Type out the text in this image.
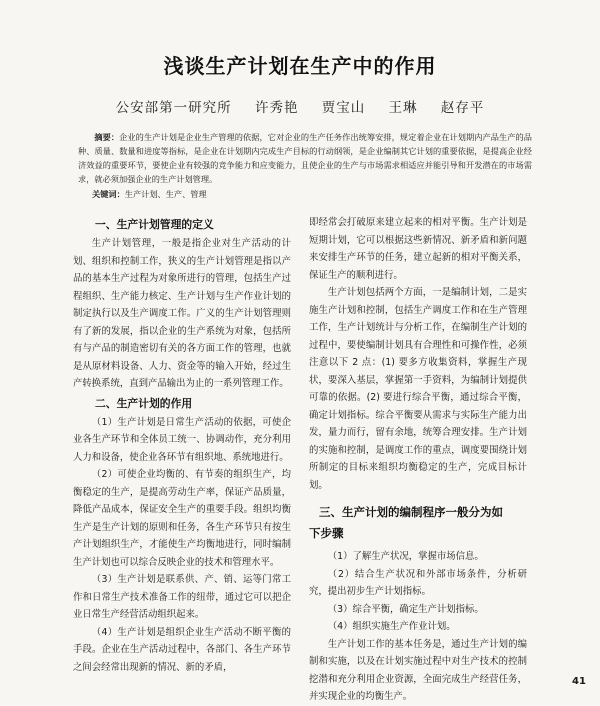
浅谈生产计划在生产中的作用
公安部第一研究所 许秀艳 贾宝山 王琳 赵存平
摘要：企业的生产计划是企业生产管理的依据，它对企业的生产任务作出统筹安排，规定着企业在计划期内产品生产的品种、质量、数量和进度等指标，是企业在计划期内完成生产目标的行动纲领，是企业编制其它计划的重要依据，是提高企业经济效益的重要环节，要使企业有较强的竞争能力和应变能力，且使企业的生产与市场需求相适应并能引导和开发潜在的市场需求，就必须加强企业的生产计划管理。
关键词：生产计划、生产、管理
一、生产计划管理的定义

生产计划管理，一般是指企业对生产活动的计划、组织和控制工作，狭义的生产计划管理是指以产品的基本生产过程为对象所进行的管理，包括生产过程组织、生产能力核定、生产计划与生产作业计划的制定执行以及生产调度工作。广义的生产计划管理则有了新的发展，指以企业的生产系统为对象，包括所有与产品的制造密切有关的各方面工作的管理，也就是从原材料设备、人力、资金等的输入开始，经过生产转换系统，直到产品输出为止的一系列管理工作。

二、生产计划的作用

（1）生产计划是日常生产活动的依据，可使企业各生产环节和全体员工统一、协调动作，充分利用人力和设备，使企业各环节有组织地、系统地进行。

（2）可使企业均衡的、有节奏的组织生产，均衡稳定的生产，是提高劳动生产率，保证产品质量，降低产品成本，保证安全生产的重要手段。组织均衡生产是生产计划的原则和任务，各生产环节只有按生产计划组织生产，才能使生产均衡地进行，同时编制生产计划也可以综合反映企业的技术和管理水平。

（3）生产计划是联系供、产、销、运等门常工作和日常生产技术准备工作的纽带，通过它可以把企业日常生产经营活动组织起来。

（4）生产计划是组织企业生产活动不断平衡的手段。企业在生产活动过程中，各部门、各生产环节之间会经常出现新的情况、新的矛盾，

即经常会打破原来建立起来的相对平衡。生产计划是短期计划，它可以根据这些新情况、新矛盾和新问题来安排生产环节的任务，建立起新的相对平衡关系，保证生产的顺利进行。

生产计划包括两个方面，一是编制计划，二是实施生产计划和控制，包括生产调度工作和在生产管理工作，生产计划统计与分析工作，在编制生产计划的过程中，要使编制计划具有合理性和可操作性，必须注意以下 2 点：(1) 要多方收集资料，掌握生产现状，要深入基层，掌握第一手资料，为编制计划提供可靠的依据。(2) 要进行综合平衡，通过综合平衡，确定计划指标。综合平衡要从需求与实际生产能力出发，量力而行，留有余地，统筹合理安排。生产计划的实施和控制，是调度工作的重点，调度要围绕计划所制定的目标来组织均衡稳定的生产，完成目标计划。

三、生产计划的编制程序一般分为如
下步骤

（1）了解生产状况，掌握市场信息。

（2）结合生产状况和外部市场条件，分析研究，提出初步生产计划指标。

（3）综合平衡，确定生产计划指标。

（4）组织实施生产作业计划。

生产计划工作的基本任务是，通过生产计划的编制和实施，以及在计划实施过程中对生产技术的控制挖潜和充分利用企业资源，全面完成生产经营任务，并实现企业的均衡生产。

41
